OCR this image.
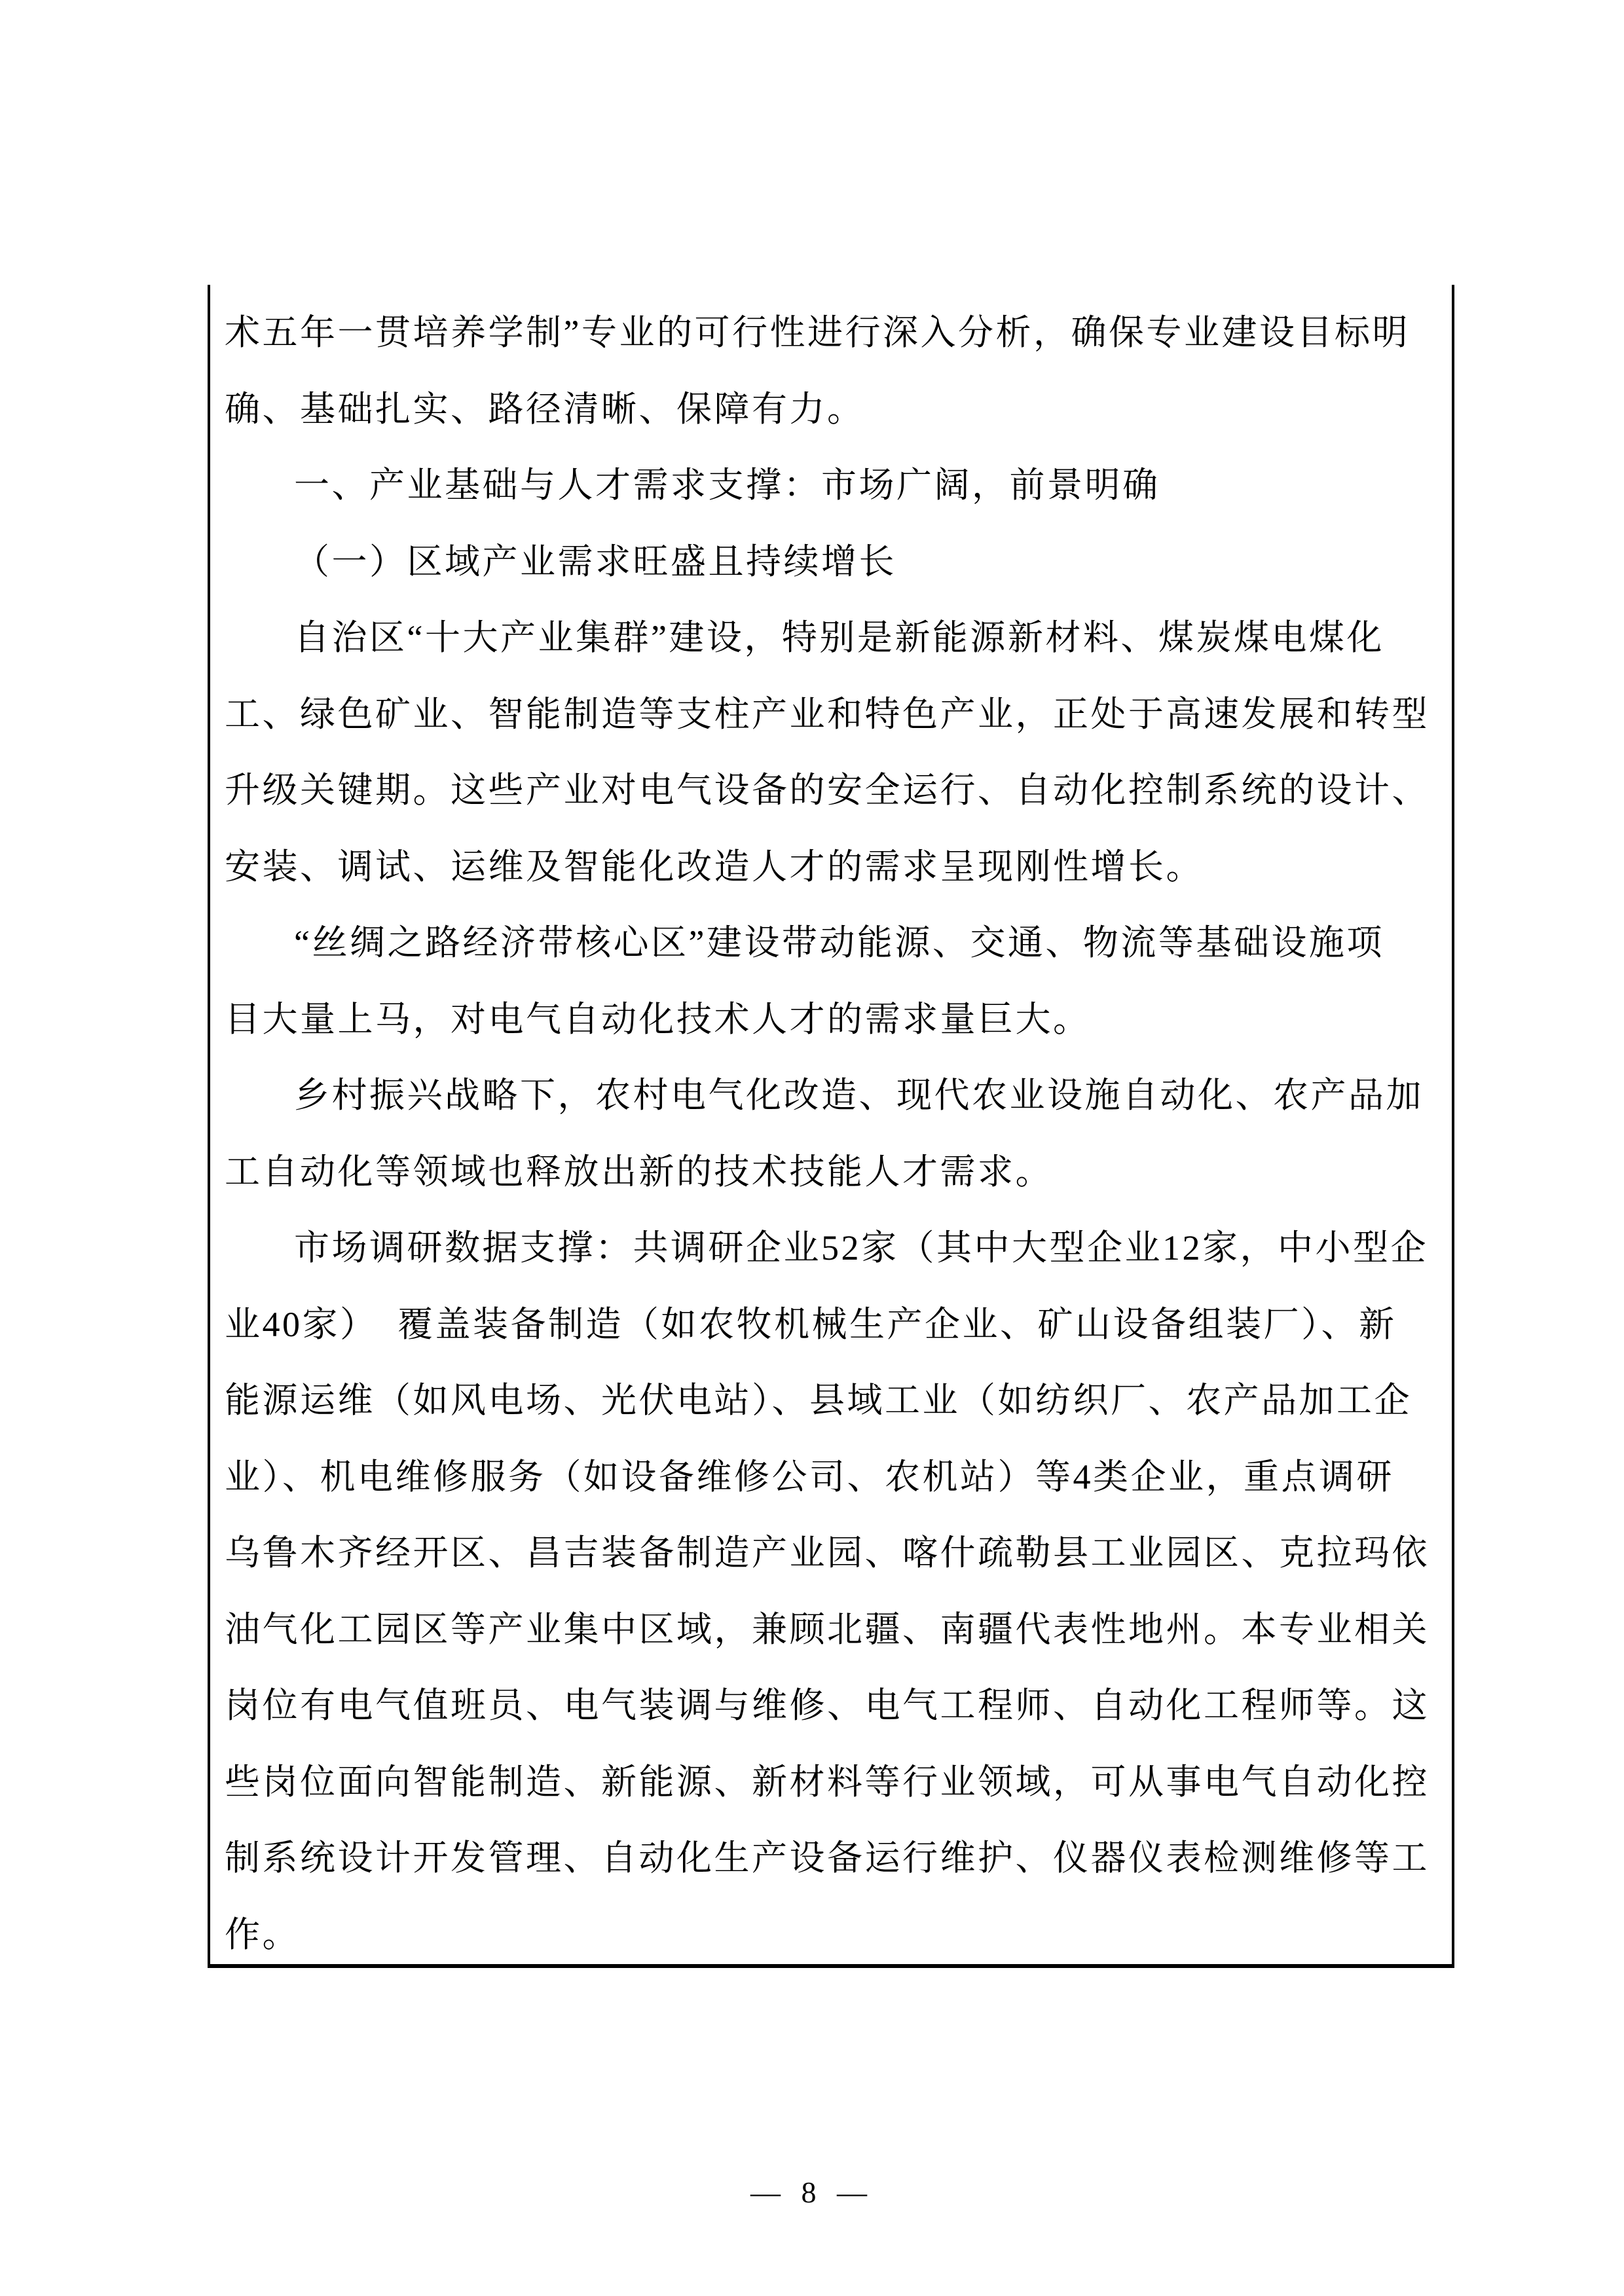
术五年一贯培养学制”专业的可行性进行深入分析，确保专业建设目标明
确、基础扎实、路径清晰、保障有力。
一、产业基础与人才需求支撑：市场广阔，前景明确
（一）区域产业需求旺盛且持续增长
自治区“十大产业集群”建设，特别是新能源新材料、煤炭煤电煤化
工、绿色矿业、智能制造等支柱产业和特色产业，正处于高速发展和转型
升级关键期。这些产业对电气设备的安全运行、自动化控制系统的设计、
安装、调试、运维及智能化改造人才的需求呈现刚性增长。
“丝绸之路经济带核心区”建设带动能源、交通、物流等基础设施项
目大量上马，对电气自动化技术人才的需求量巨大。
乡村振兴战略下，农村电气化改造、现代农业设施自动化、农产品加
工自动化等领域也释放出新的技术技能人才需求。
市场调研数据支撑：共调研企业52家（其中大型企业12家，中小型企
业40家）　覆盖装备制造（如农牧机械生产企业、矿山设备组装厂）、新
能源运维（如风电场、光伏电站）、县域工业（如纺织厂、农产品加工企
业）、机电维修服务（如设备维修公司、农机站）等4类企业，重点调研
乌鲁木齐经开区、昌吉装备制造产业园、喀什疏勒县工业园区、克拉玛依
油气化工园区等产业集中区域，兼顾北疆、南疆代表性地州。本专业相关
岗位有电气值班员、电气装调与维修、电气工程师、自动化工程师等。这
些岗位面向智能制造、新能源、新材料等行业领域，可从事电气自动化控
制系统设计开发管理、自动化生产设备运行维护、仪器仪表检测维修等工
作。
— 8 —
